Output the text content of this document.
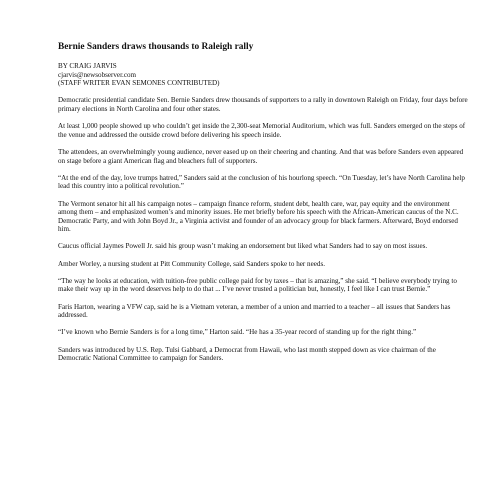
Bernie Sanders draws thousands to Raleigh rally
BY CRAIG JARVIS
cjarvis@newsobserver.com
(STAFF WRITER EVAN SEMONES CONTRIBUTED)
Democratic presidential candidate Sen. Bernie Sanders drew thousands of supporters to a rally in downtown Raleigh on Friday, four days before primary elections in North Carolina and four other states.
At least 1,000 people showed up who couldn’t get inside the 2,300-seat Memorial Auditorium, which was full. Sanders emerged on the steps of the venue and addressed the outside crowd before delivering his speech inside.
The attendees, an overwhelmingly young audience, never eased up on their cheering and chanting. And that was before Sanders even appeared on stage before a giant American flag and bleachers full of supporters.
“At the end of the day, love trumps hatred,” Sanders said at the conclusion of his hourlong speech. “On Tuesday, let’s have North Carolina help lead this country into a political revolution.”
The Vermont senator hit all his campaign notes – campaign finance reform, student debt, health care, war, pay equity and the environment among them – and emphasized women’s and minority issues. He met briefly before his speech with the African-American caucus of the N.C. Democratic Party, and with John Boyd Jr., a Virginia activist and founder of an advocacy group for black farmers. Afterward, Boyd endorsed him.
Caucus official Jaymes Powell Jr. said his group wasn’t making an endorsement but liked what Sanders had to say on most issues.
Amber Worley, a nursing student at Pitt Community College, said Sanders spoke to her needs.
“The way he looks at education, with tuition-free public college paid for by taxes – that is amazing,” she said. “I believe everybody trying to make their way up in the word deserves help to do that ... I’ve never trusted a politician but, honestly, I feel like I can trust Bernie.”
Faris Harton, wearing a VFW cap, said he is a Vietnam veteran, a member of a union and married to a teacher – all issues that Sanders has addressed.
“I’ve known who Bernie Sanders is for a long time,” Harton said. “He has a 35-year record of standing up for the right thing.”
Sanders was introduced by U.S. Rep. Tulsi Gabbard, a Democrat from Hawaii, who last month stepped down as vice chairman of the Democratic National Committee to campaign for Sanders.
